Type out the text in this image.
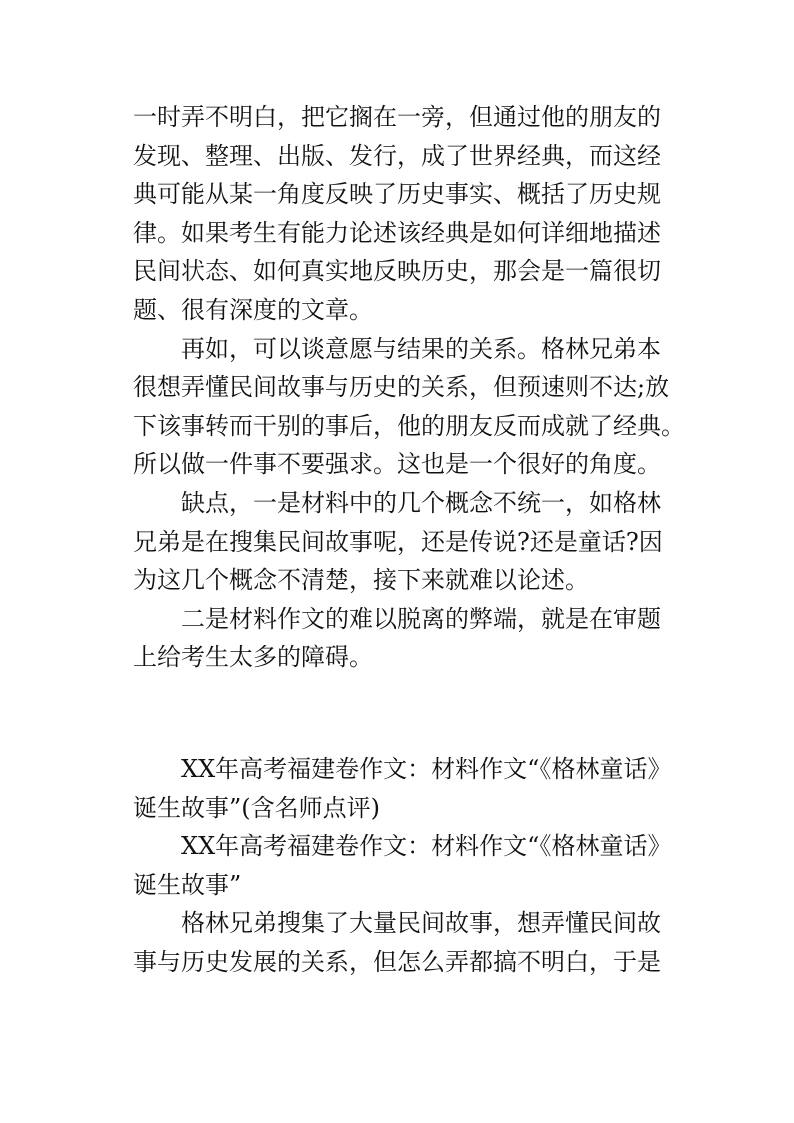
一时弄不明白，把它搁在一旁，但通过他的朋友的
发现、整理、出版、发行，成了世界经典，而这经
典可能从某一角度反映了历史事实、概括了历史规
律。如果考生有能力论述该经典是如何详细地描述
民间状态、如何真实地反映历史，那会是一篇很切
题、很有深度的文章。
再如，可以谈意愿与结果的关系。格林兄弟本
很想弄懂民间故事与历史的关系，但预速则不达;放
下该事转而干别的事后，他的朋友反而成就了经典。
所以做一件事不要强求。这也是一个很好的角度。
缺点，一是材料中的几个概念不统一，如格林
兄弟是在搜集民间故事呢，还是传说?还是童话?因
为这几个概念不清楚，接下来就难以论述。
二是材料作文的难以脱离的弊端，就是在审题
上给考生太多的障碍。
XX年高考福建卷作文：材料作文“《格林童话》
诞生故事”(含名师点评)
XX年高考福建卷作文：材料作文“《格林童话》
诞生故事”
格林兄弟搜集了大量民间故事，想弄懂民间故
事与历史发展的关系，但怎么弄都搞不明白，于是
